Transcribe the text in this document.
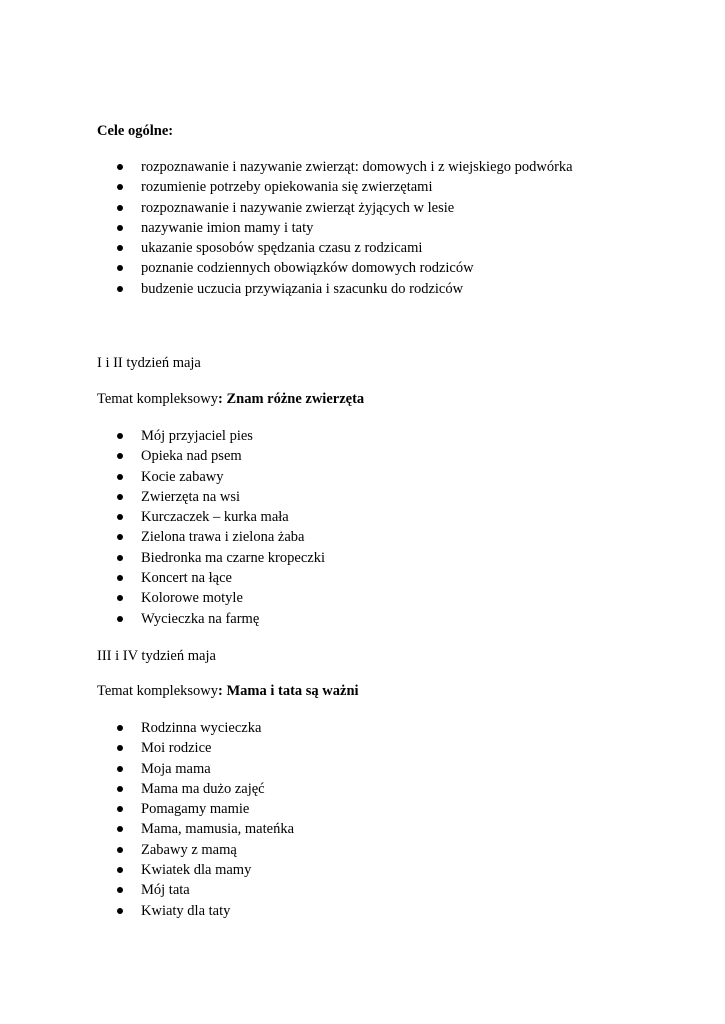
Cele ogólne:
rozpoznawanie i nazywanie zwierząt: domowych i z wiejskiego podwórka
rozumienie potrzeby opiekowania się zwierzętami
rozpoznawanie i nazywanie zwierząt żyjących w lesie
nazywanie imion mamy i taty
ukazanie sposobów spędzania czasu z rodzicami
poznanie codziennych obowiązków domowych rodziców
budzenie uczucia przywiązania i szacunku do rodziców
I i II tydzień maja
Temat kompleksowy: Znam różne zwierzęta
Mój przyjaciel pies
Opieka nad psem
Kocie zabawy
Zwierzęta na wsi
Kurczaczek – kurka mała
Zielona trawa i zielona żaba
Biedronka ma czarne kropeczki
Koncert na łące
Kolorowe motyle
Wycieczka na farmę
III i IV tydzień maja
Temat kompleksowy: Mama i tata są ważni
Rodzinna wycieczka
Moi rodzice
Moja mama
Mama ma dużo zajęć
Pomagamy mamie
Mama, mamusia, mateńka
Zabawy z mamą
Kwiatek dla mamy
Mój tata
Kwiaty dla taty
